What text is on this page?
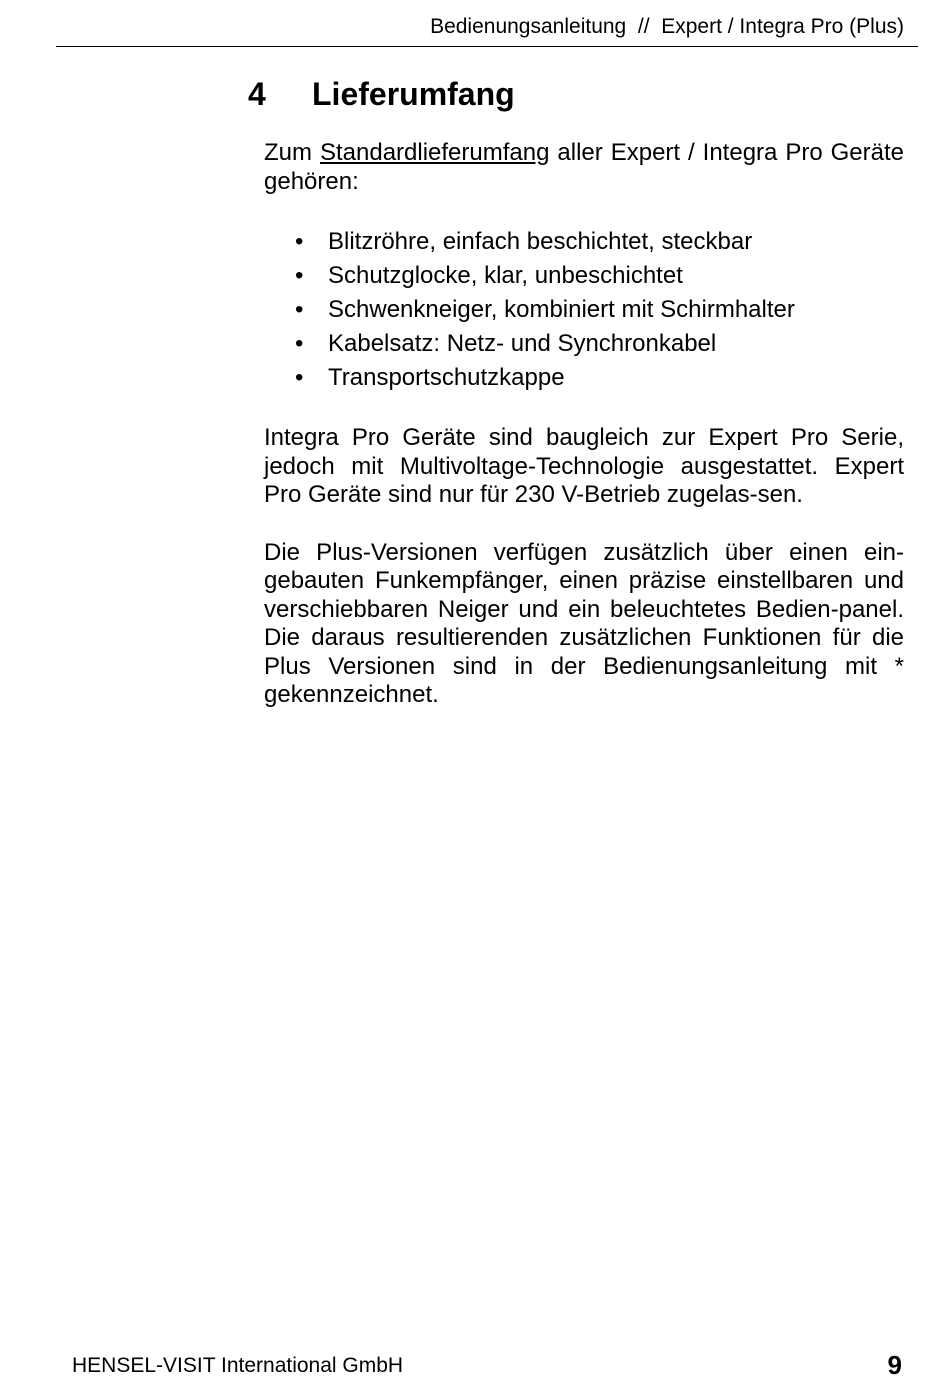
Bedienungsanleitung  //  Expert / Integra Pro (Plus)
4 Lieferumfang

Zum Standardlieferumfang aller Expert / Integra Pro Geräte gehören:

• Blitzröhre, einfach beschichtet, steckbar
• Schutzglocke, klar, unbeschichtet
• Schwenkneiger, kombiniert mit Schirmhalter
• Kabelsatz: Netz- und Synchronkabel
• Transportschutzkappe

Integra Pro Geräte sind baugleich zur Expert Pro Serie, jedoch mit Multivoltage-Technologie ausgestattet. Expert Pro Geräte sind nur für 230 V-Betrieb zugelas-sen.

Die Plus-Versionen verfügen zusätzlich über einen ein-gebauten Funkempfänger, einen präzise einstellbaren und verschiebbaren Neiger und ein beleuchtetes Bedien-panel. Die daraus resultierenden zusätzlichen Funktionen für die Plus Versionen sind in der Bedienungsanleitung mit * gekennzeichnet.

HENSEL-VISIT International GmbH	9
